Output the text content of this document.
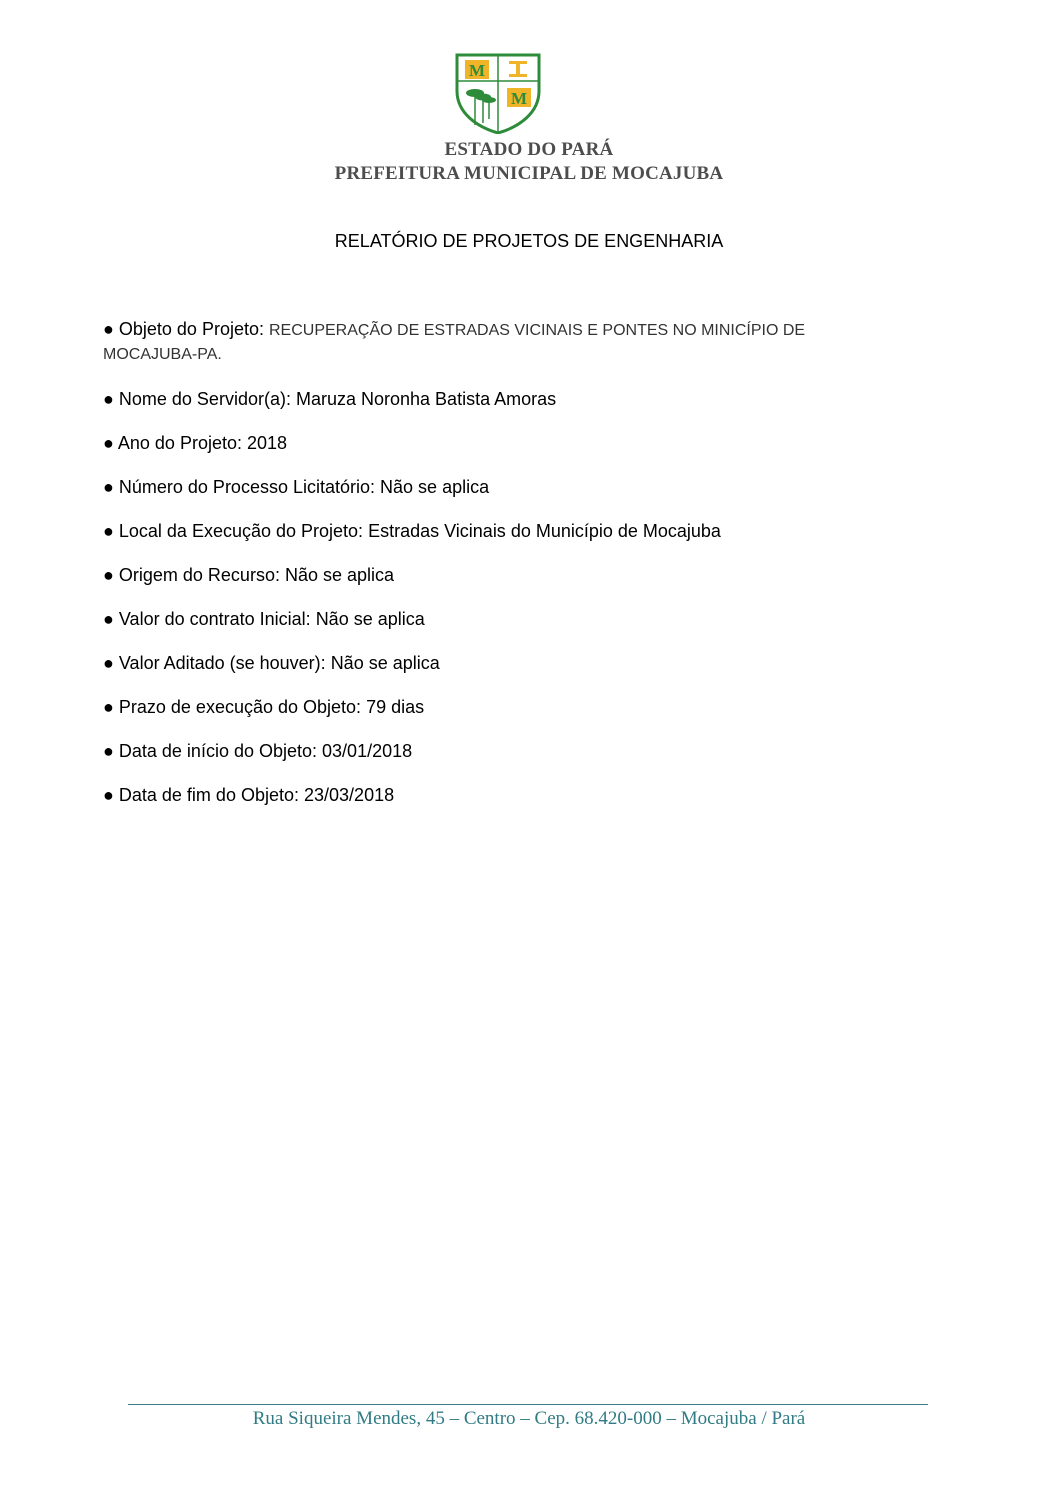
M
M
ESTADO DO PARÁ
PREFEITURA MUNICIPAL DE MOCAJUBA
RELATÓRIO DE PROJETOS DE ENGENHARIA
● Objeto do Projeto: RECUPERAÇÃO DE ESTRADAS VICINAIS E PONTES NO MINICÍPIO DE MOCAJUBA-PA.
● Nome do Servidor(a): Maruza Noronha Batista Amoras
● Ano do Projeto: 2018
● Número do Processo Licitatório: Não se aplica
● Local da Execução do Projeto: Estradas Vicinais do Município de Mocajuba
● Origem do Recurso: Não se aplica
● Valor do contrato Inicial: Não se aplica
● Valor Aditado (se houver): Não se aplica
● Prazo de execução do Objeto: 79 dias
● Data de início do Objeto: 03/01/2018
● Data de fim do Objeto: 23/03/2018
Rua Siqueira Mendes, 45 – Centro – Cep. 68.420-000 – Mocajuba / Pará
